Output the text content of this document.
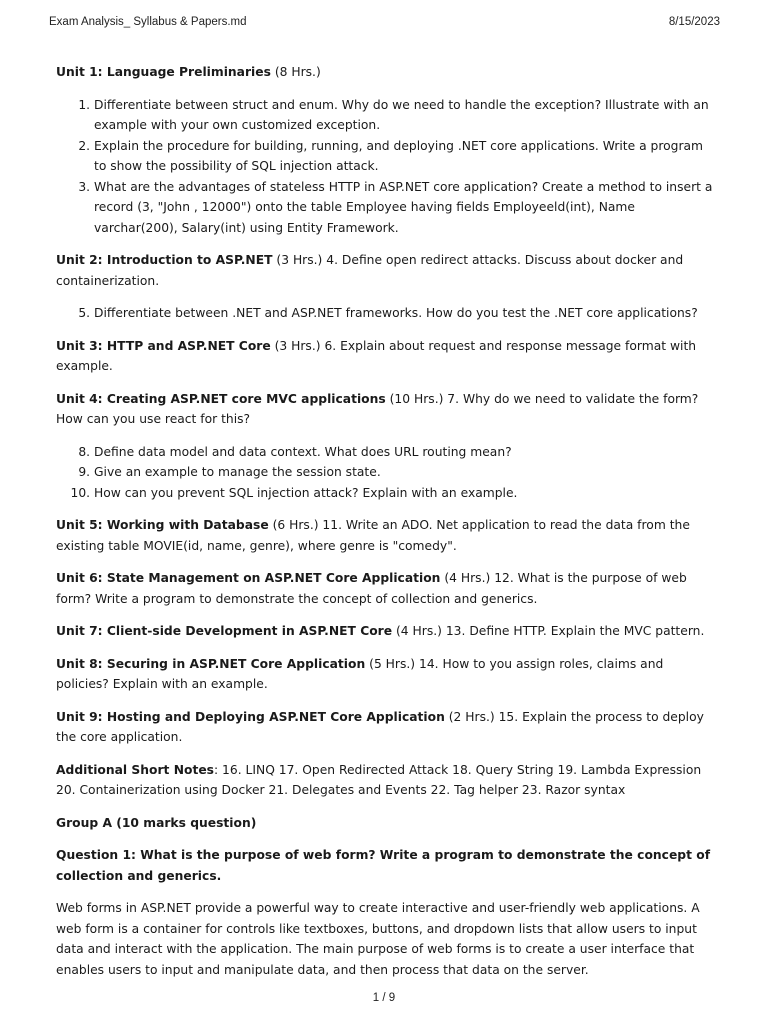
Exam Analysis_ Syllabus & Papers.md	8/15/2023

Unit 1: Language Preliminaries (8 Hrs.)

1. Differentiate between struct and enum. Why do we need to handle the exception? Illustrate with an example with your own customized exception.
2. Explain the procedure for building, running, and deploying .NET core applications. Write a program to show the possibility of SQL injection attack.
3. What are the advantages of stateless HTTP in ASP.NET core application? Create a method to insert a record (3, "John , 12000") onto the table Employee having fields Employeeld(int), Name varchar(200), Salary(int) using Entity Framework.

Unit 2: Introduction to ASP.NET (3 Hrs.) 4. Define open redirect attacks. Discuss about docker and containerization.

5. Differentiate between .NET and ASP.NET frameworks. How do you test the .NET core applications?

Unit 3: HTTP and ASP.NET Core (3 Hrs.) 6. Explain about request and response message format with example.

Unit 4: Creating ASP.NET core MVC applications (10 Hrs.) 7. Why do we need to validate the form? How can you use react for this?

8. Define data model and data context. What does URL routing mean?
9. Give an example to manage the session state.
10. How can you prevent SQL injection attack? Explain with an example.

Unit 5: Working with Database (6 Hrs.) 11. Write an ADO. Net application to read the data from the existing table MOVIE(id, name, genre), where genre is "comedy".

Unit 6: State Management on ASP.NET Core Application (4 Hrs.) 12. What is the purpose of web form? Write a program to demonstrate the concept of collection and generics.

Unit 7: Client-side Development in ASP.NET Core (4 Hrs.) 13. Define HTTP. Explain the MVC pattern.

Unit 8: Securing in ASP.NET Core Application (5 Hrs.) 14. How to you assign roles, claims and policies? Explain with an example.

Unit 9: Hosting and Deploying ASP.NET Core Application (2 Hrs.) 15. Explain the process to deploy the core application.

Additional Short Notes: 16. LINQ 17. Open Redirected Attack 18. Query String 19. Lambda Expression 20. Containerization using Docker 21. Delegates and Events 22. Tag helper 23. Razor syntax

Group A (10 marks question)

Question 1: What is the purpose of web form? Write a program to demonstrate the concept of collection and generics.

Web forms in ASP.NET provide a powerful way to create interactive and user-friendly web applications. A web form is a container for controls like textboxes, buttons, and dropdown lists that allow users to input data and interact with the application. The main purpose of web forms is to create a user interface that enables users to input and manipulate data, and then process that data on the server.

1 / 9
